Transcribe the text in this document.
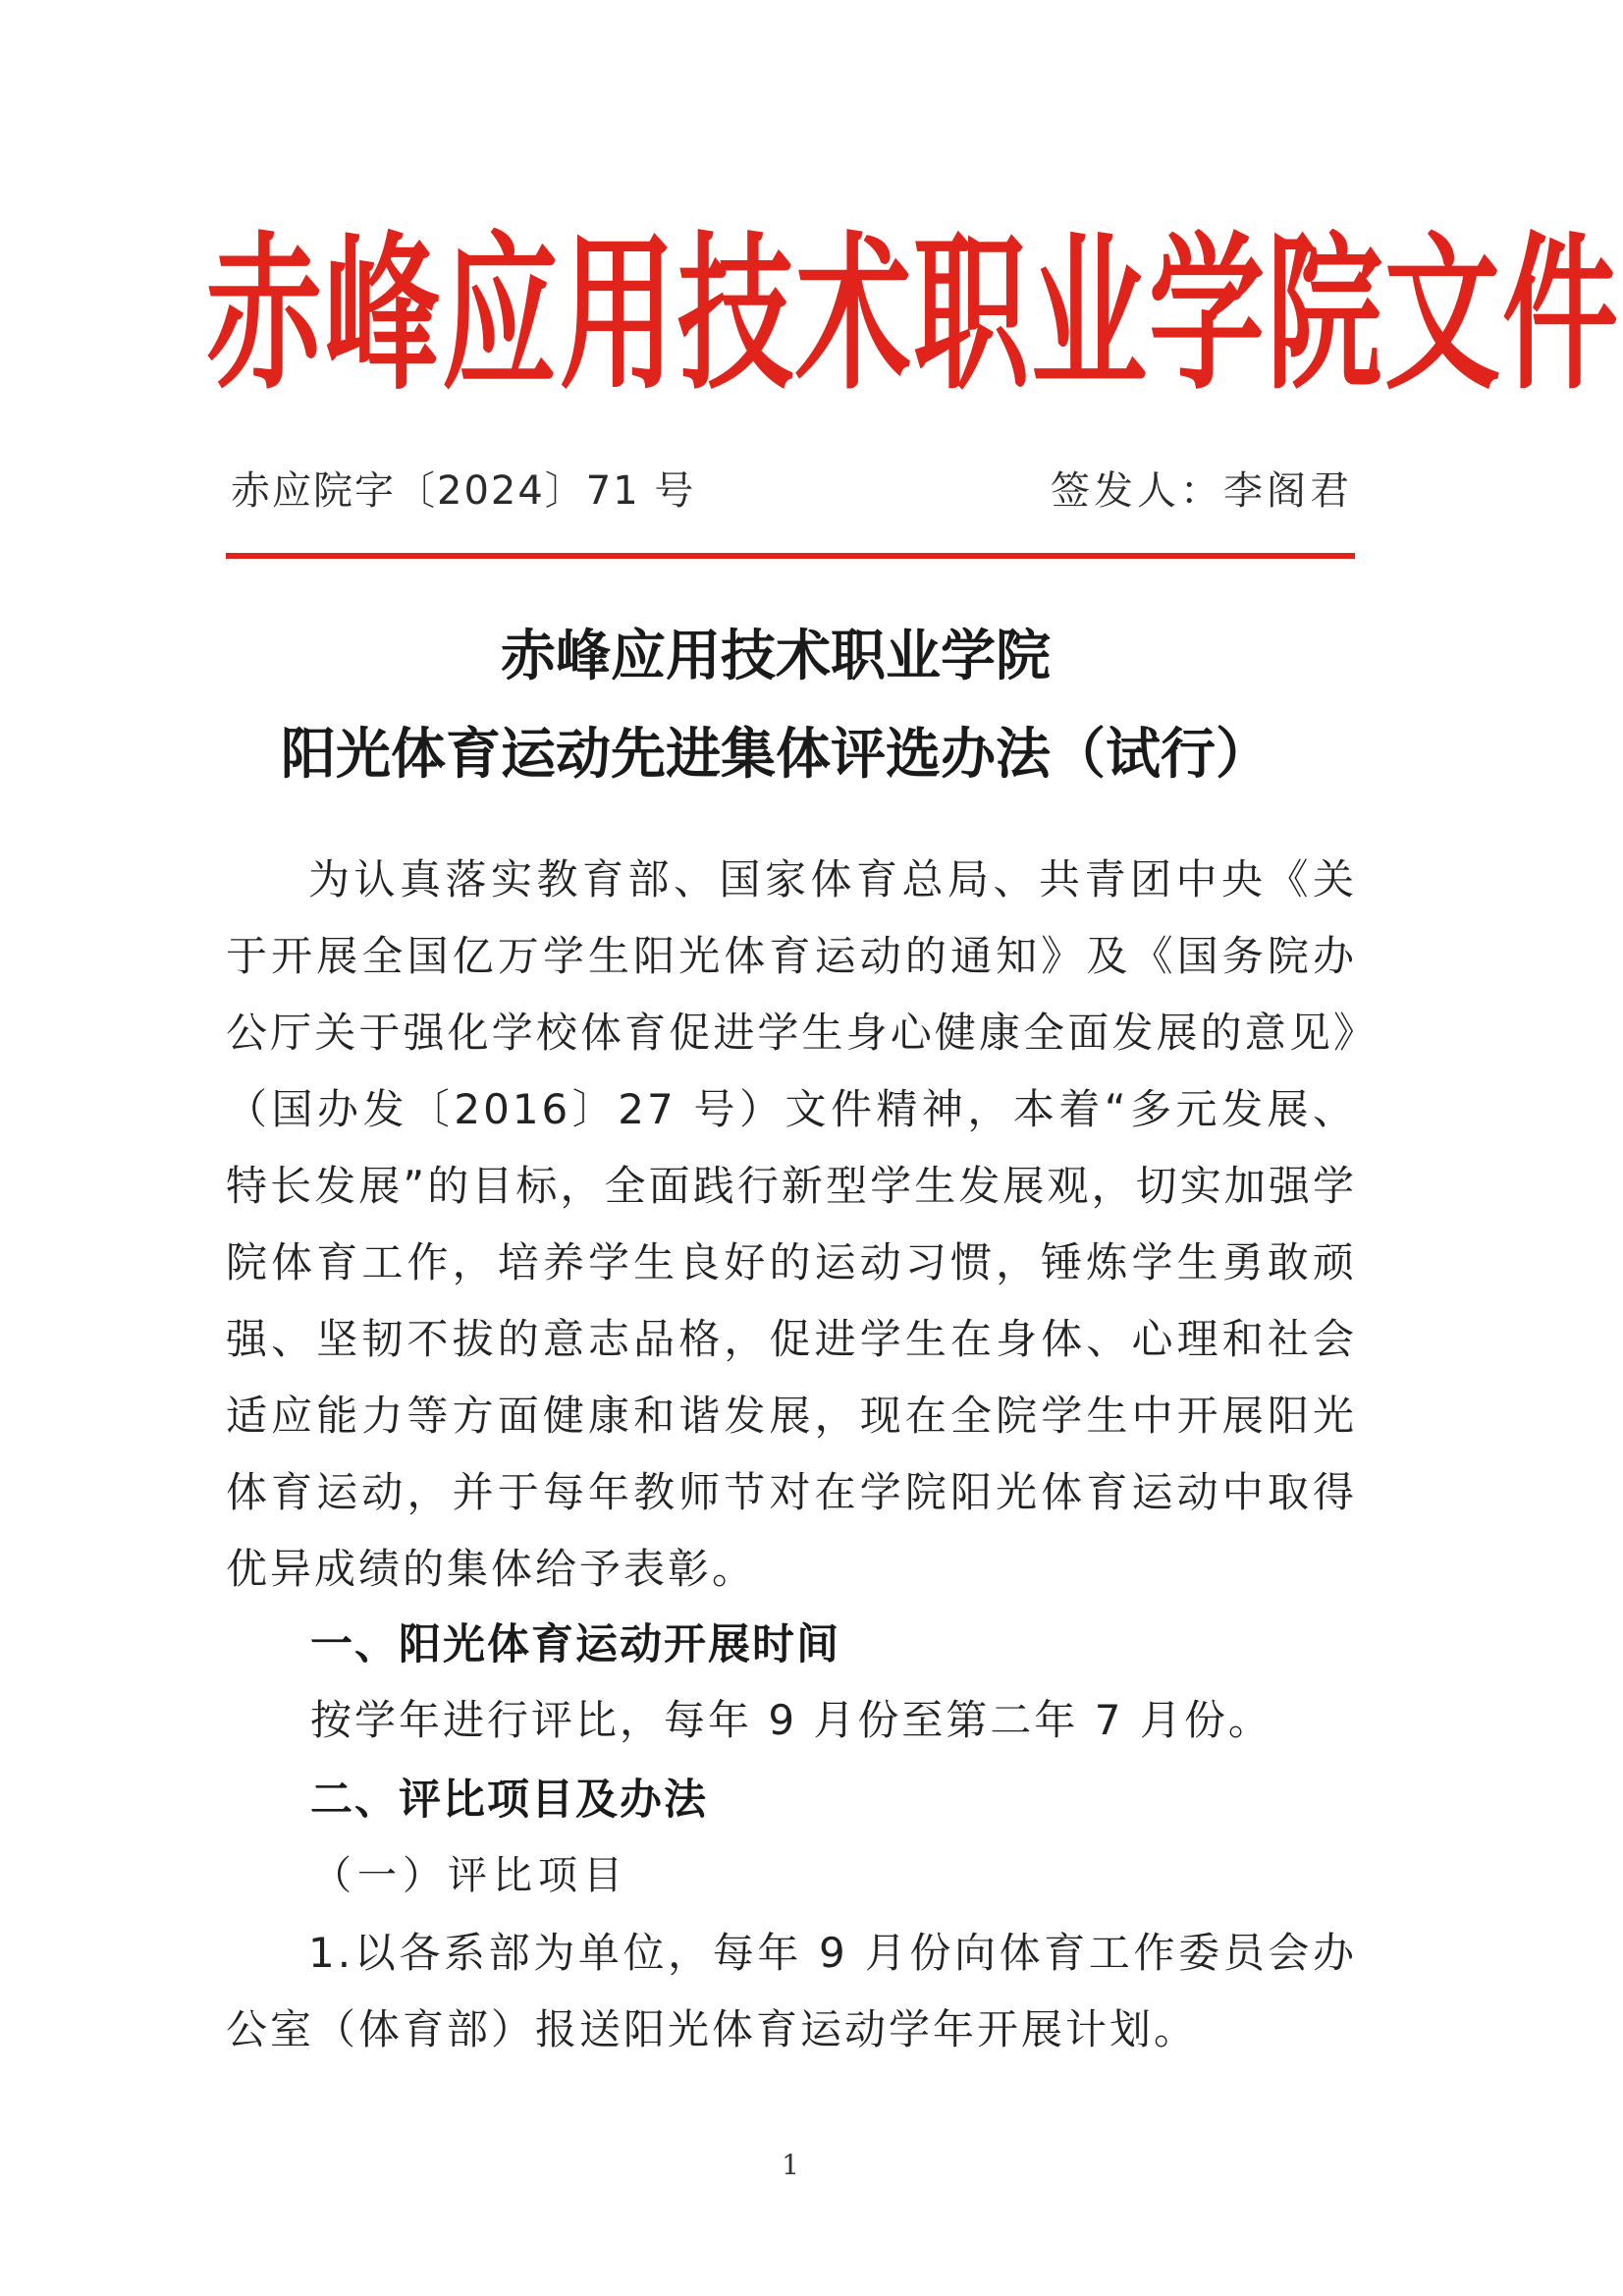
赤峰应用技术职业学院文件
赤应院字〔2024〕71 号	签发人：李阁君
赤峰应用技术职业学院
阳光体育运动先进集体评选办法（试行）
为认真落实教育部、国家体育总局、共青团中央《关于开展全国亿万学生阳光体育运动的通知》及《国务院办公厅关于强化学校体育促进学生身心健康全面发展的意见》（国办发〔2016〕27 号）文件精神，本着“多元发展、特长发展”的目标，全面践行新型学生发展观，切实加强学院体育工作，培养学生良好的运动习惯，锤炼学生勇敢顽强、坚韧不拔的意志品格，促进学生在身体、心理和社会适应能力等方面健康和谐发展，现在全院学生中开展阳光体育运动，并于每年教师节对在学院阳光体育运动中取得优异成绩的集体给予表彰。
一、阳光体育运动开展时间
按学年进行评比，每年 9 月份至第二年 7 月份。
二、评比项目及办法
（一）评比项目
1.以各系部为单位，每年 9 月份向体育工作委员会办公室（体育部）报送阳光体育运动学年开展计划。
1
